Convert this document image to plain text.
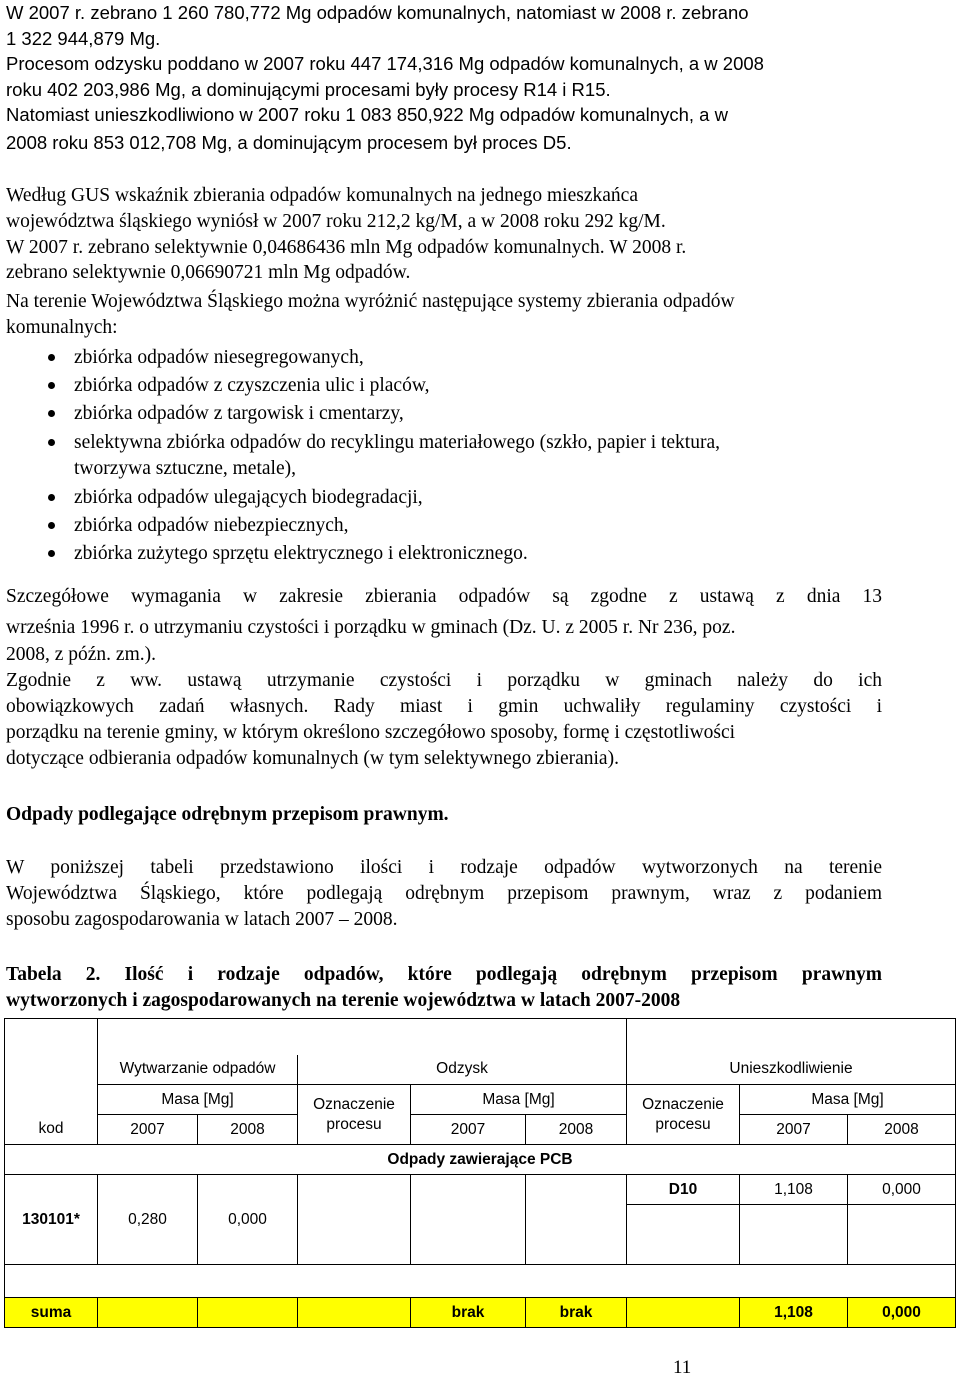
W 2007 r. zebrano 1 260 780,772 Mg odpadów komunalnych, natomiast w 2008 r. zebrano
1 322 944,879 Mg.
Procesom odzysku poddano w 2007 roku 447 174,316 Mg odpadów komunalnych, a w 2008
roku 402 203,986 Mg, a dominującymi procesami były procesy R14 i R15.
Natomiast unieszkodliwiono w 2007 roku 1 083 850,922 Mg odpadów komunalnych, a w
2008 roku 853 012,708 Mg, a dominującym procesem był proces D5.
Według GUS wskaźnik zbierania odpadów komunalnych na jednego mieszkańca
województwa śląskiego wyniósł w 2007 roku 212,2 kg/M, a w 2008 roku 292 kg/M.
W 2007 r. zebrano selektywnie 0,04686436 mln Mg odpadów komunalnych. W 2008 r.
zebrano selektywnie 0,06690721 mln Mg odpadów.
Na terenie Województwa Śląskiego można wyróżnić następujące systemy zbierania odpadów
komunalnych:
zbiórka odpadów niesegregowanych,
zbiórka odpadów z czyszczenia ulic i placów,
zbiórka odpadów z targowisk i cmentarzy,
selektywna zbiórka odpadów do recyklingu materiałowego (szkło, papier i tektura,
tworzywa sztuczne, metale),
zbiórka odpadów ulegających biodegradacji,
zbiórka odpadów niebezpiecznych,
zbiórka zużytego sprzętu elektrycznego i elektronicznego.
Szczegółowe wymagania w zakresie zbierania odpadów są zgodne z ustawą z dnia 13
września 1996 r. o utrzymaniu czystości i porządku w gminach (Dz. U. z 2005 r. Nr 236, poz.
2008, z późn. zm.).
Zgodnie z ww. ustawą utrzymanie czystości i porządku w gminach należy do ich
obowiązkowych zadań własnych. Rady miast i gmin uchwaliły regulaminy czystości i
porządku na terenie gminy, w którym określono szczegółowo sposoby, formę i częstotliwości
dotyczące odbierania odpadów komunalnych (w tym selektywnego zbierania).
Odpady podlegające odrębnym przepisom prawnym.
W poniższej tabeli przedstawiono ilości i rodzaje odpadów wytworzonych na terenie
Województwa Śląskiego, które podlegają odrębnym przepisom prawnym, wraz z podaniem
sposobu zagospodarowania w latach 2007 – 2008.
Tabela 2. Ilość i rodzaje odpadów, które podlegają odrębnym przepisom prawnym
wytworzonych i zagospodarowanych na terenie województwa w latach 2007-2008

	Wytwarzanie odpadów		Odzysk			Unieszkodliwienie		
	Masa [Mg]		Oznaczenie procesu	Masa [Mg]		Oznaczenie procesu	Masa [Mg]	
kod	2007	2008		2007	2008		2007	2008
Odpady zawierające PCB								
130101*	0,280	0,000				D10	1,108	0,000

suma				brak	brak		1,108	0,000
11
